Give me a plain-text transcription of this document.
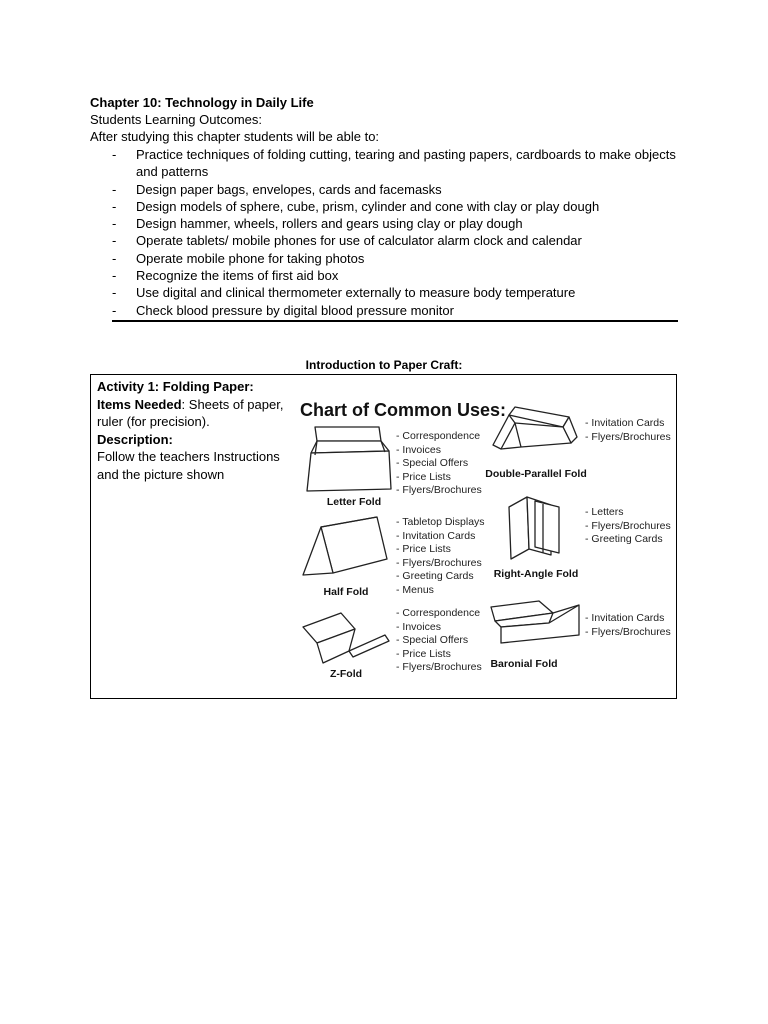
Chapter 10: Technology in Daily Life
Students Learning Outcomes:
After studying this chapter students will be able to:
- Practice techniques of folding cutting, tearing and pasting papers, cardboards to make objects and patterns
- Design paper bags, envelopes, cards and facemasks
- Design models of sphere, cube, prism, cylinder and cone with clay or play dough
- Design hammer, wheels, rollers and gears using clay or play dough
- Operate tablets/ mobile phones for use of calculator alarm clock and calendar
- Operate mobile phone for taking photos
- Recognize the items of first aid box
- Use digital and clinical thermometer externally to measure body temperature
- Check blood pressure by digital blood pressure monitor
Introduction to Paper Craft:
Activity 1: Folding Paper:
Items Needed: Sheets of paper, ruler (for precision).
Description:
Follow the teachers Instructions and the picture shown
Chart of Common Uses:
Letter Fold
- Correspondence
- Invoices
- Special Offers
- Price Lists
- Flyers/Brochures
Double-Parallel Fold
- Invitation Cards
- Flyers/Brochures
Half Fold
- Tabletop Displays
- Invitation Cards
- Price Lists
- Flyers/Brochures
- Greeting Cards
- Menus
Right-Angle Fold
- Letters
- Flyers/Brochures
- Greeting Cards
Z-Fold
- Correspondence
- Invoices
- Special Offers
- Price Lists
- Flyers/Brochures Baronial Fold
- Invitation Cards
- Flyers/Brochures
